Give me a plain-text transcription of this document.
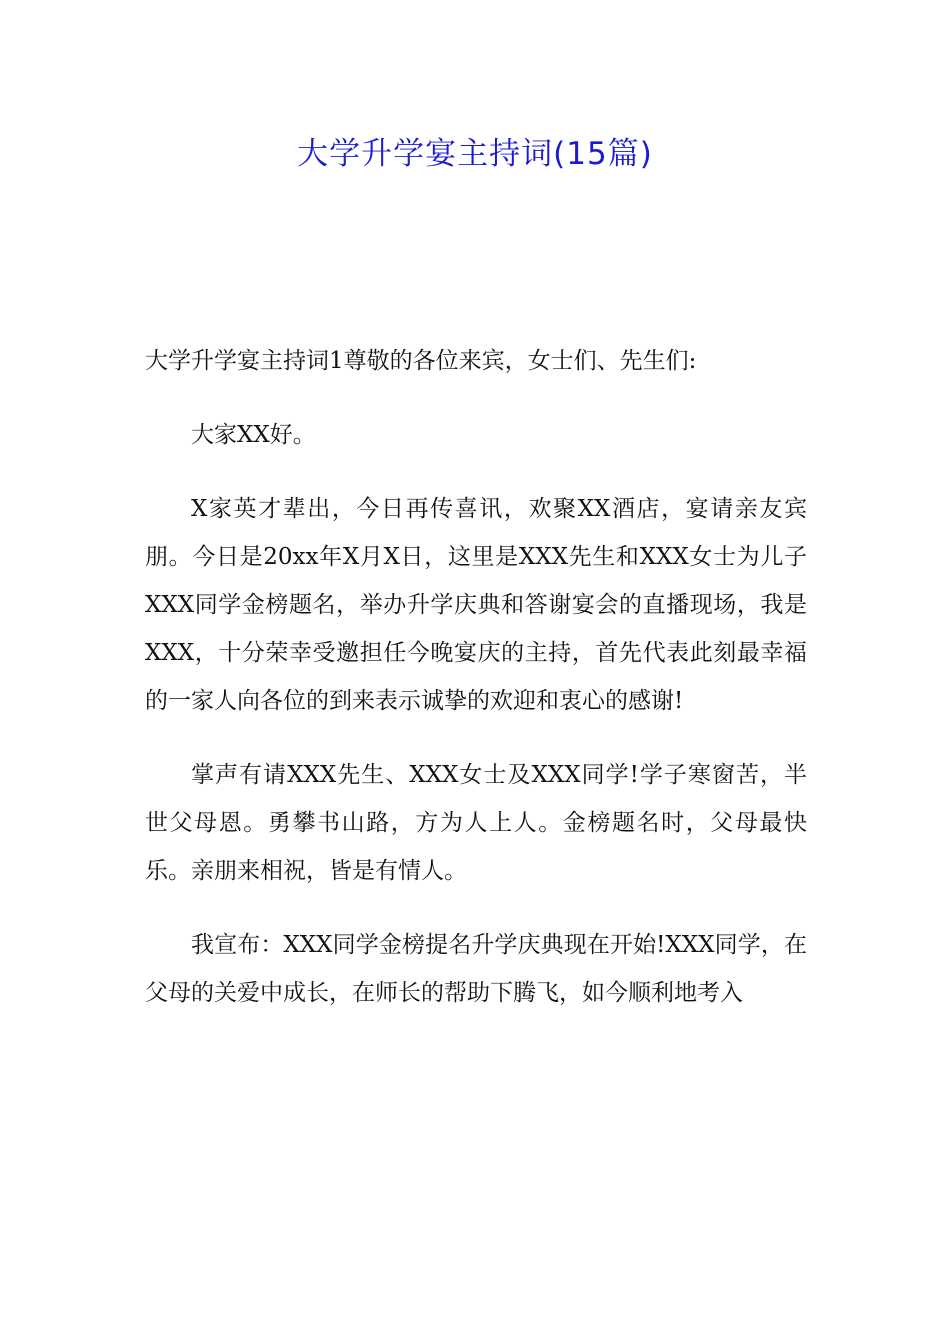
大学升学宴主持词(15篇)

大学升学宴主持词1尊敬的各位来宾，女士们、先生们:

大家XX好。

X家英才辈出，今日再传喜讯，欢聚XX酒店，宴请亲友宾朋。今日是20xx年X月X日，这里是XXX先生和XXX女士为儿子XXX同学金榜题名，举办升学庆典和答谢宴会的直播现场，我是XXX，十分荣幸受邀担任今晚宴庆的主持，首先代表此刻最幸福的一家人向各位的到来表示诚挚的欢迎和衷心的感谢!

掌声有请XXX先生、XXX女士及XXX同学!学子寒窗苦，半世父母恩。勇攀书山路，方为人上人。金榜题名时，父母最快乐。亲朋来相祝，皆是有情人。

我宣布：XXX同学金榜提名升学庆典现在开始!XXX同学，在父母的关爱中成长，在师长的帮助下腾飞，如今顺利地考入
